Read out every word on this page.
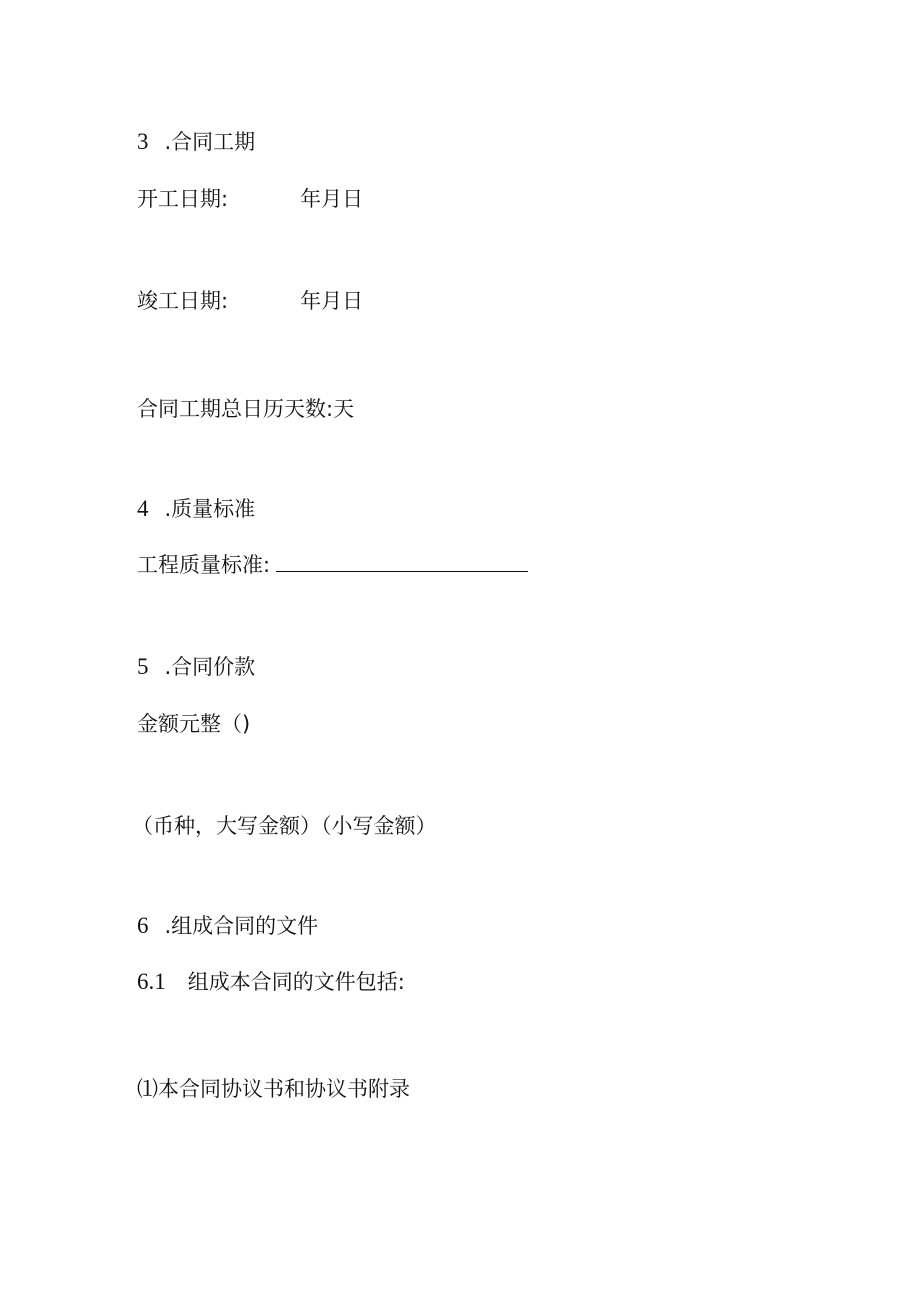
3 .合同工期
开工日期:	年月日
竣工日期:	年月日
合同工期总日历天数:天
4 .质量标准
工程质量标准:
5 .合同价款
金额元整（)
（币种，大写金额）（小写金额）
6 .组成合同的文件
6.1 组成本合同的文件包括:
⑴本合同协议书和协议书附录
